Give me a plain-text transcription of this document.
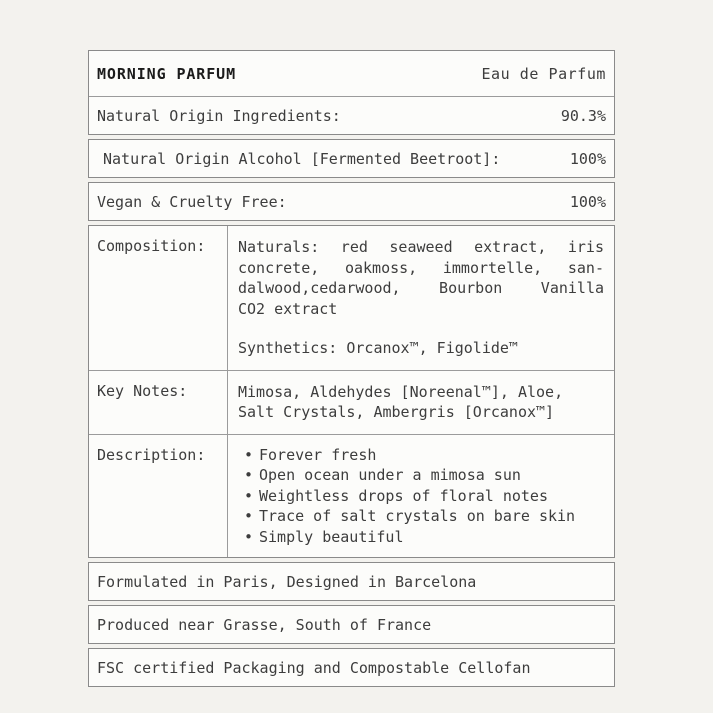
MORNING PARFUM	Eau de Parfum
Natural Origin Ingredients:	90.3%
Natural Origin Alcohol [Fermented Beetroot]:	100%
Vegan & Cruelty Free:	100%
Composition:	Naturals: red seaweed extract, iris
concrete, oakmoss, immortelle, san-
dalwood,cedarwood, Bourbon Vanilla
CO2 extract
Synthetics: Orcanox™, Figolide™
Key Notes:	Mimosa, Aldehydes [Noreenal™], Aloe,
Salt Crystals, Ambergris [Orcanox™]
Description:	• Forever fresh
• Open ocean under a mimosa sun
• Weightless drops of floral notes
• Trace of salt crystals on bare skin
• Simply beautiful
Formulated in Paris, Designed in Barcelona
Produced near Grasse, South of France
FSC certified Packaging and Compostable Cellofan
